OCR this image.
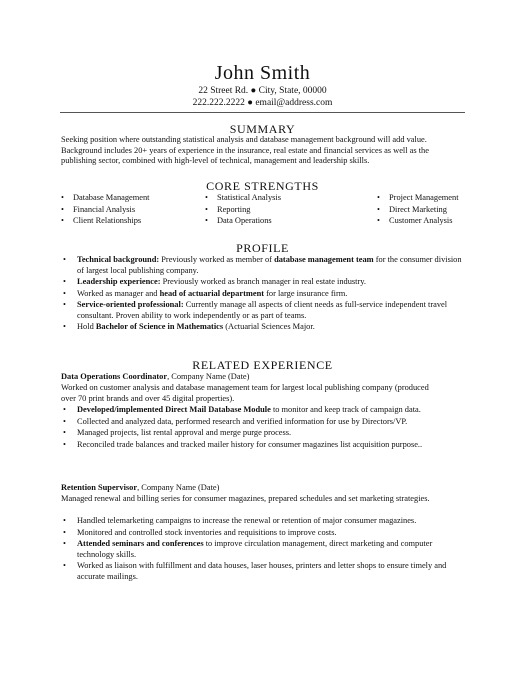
John Smith
22 Street Rd. ● City, State, 00000
222.222.2222 ● email@address.com
SUMMARY
Seeking position where outstanding statistical analysis and database management background will add value. Background includes 20+ years of experience in the insurance, real estate and financial services as well as the publishing sector, combined with high-level of technical, management and leadership skills.
CORE STRENGTHS
• Database Management
• Financial Analysis
• Client Relationships
• Statistical Analysis
• Reporting
• Data Operations
• Project Management
• Direct Marketing
• Customer Analysis
PROFILE
• Technical background: Previously worked as member of database management team for the consumer division of largest local publishing company.
• Leadership experience: Previously worked as branch manager in real estate industry.
• Worked as manager and head of actuarial department for large insurance firm.
• Service-oriented professional: Currently manage all aspects of client needs as full-service independent travel consultant. Proven ability to work independently or as part of teams.
• Hold Bachelor of Science in Mathematics (Actuarial Sciences Major.
RELATED EXPERIENCE
Data Operations Coordinator, Company Name (Date)
Worked on customer analysis and database management team for largest local publishing company (produced over 70 print brands and over 45 digital properties).
• Developed/implemented Direct Mail Database Module to monitor and keep track of campaign data.
• Collected and analyzed data, performed research and verified information for use by Directors/VP.
• Managed projects, list rental approval and merge purge process.
• Reconciled trade balances and tracked mailer history for consumer magazines list acquisition purpose..
Retention Supervisor, Company Name (Date)
Managed renewal and billing series for consumer magazines, prepared schedules and set marketing strategies.
• Handled telemarketing campaigns to increase the renewal or retention of major consumer magazines.
• Monitored and controlled stock inventories and requisitions to improve costs.
• Attended seminars and conferences to improve circulation management, direct marketing and computer technology skills.
• Worked as liaison with fulfillment and data houses, laser houses, printers and letter shops to ensure timely and accurate mailings.
